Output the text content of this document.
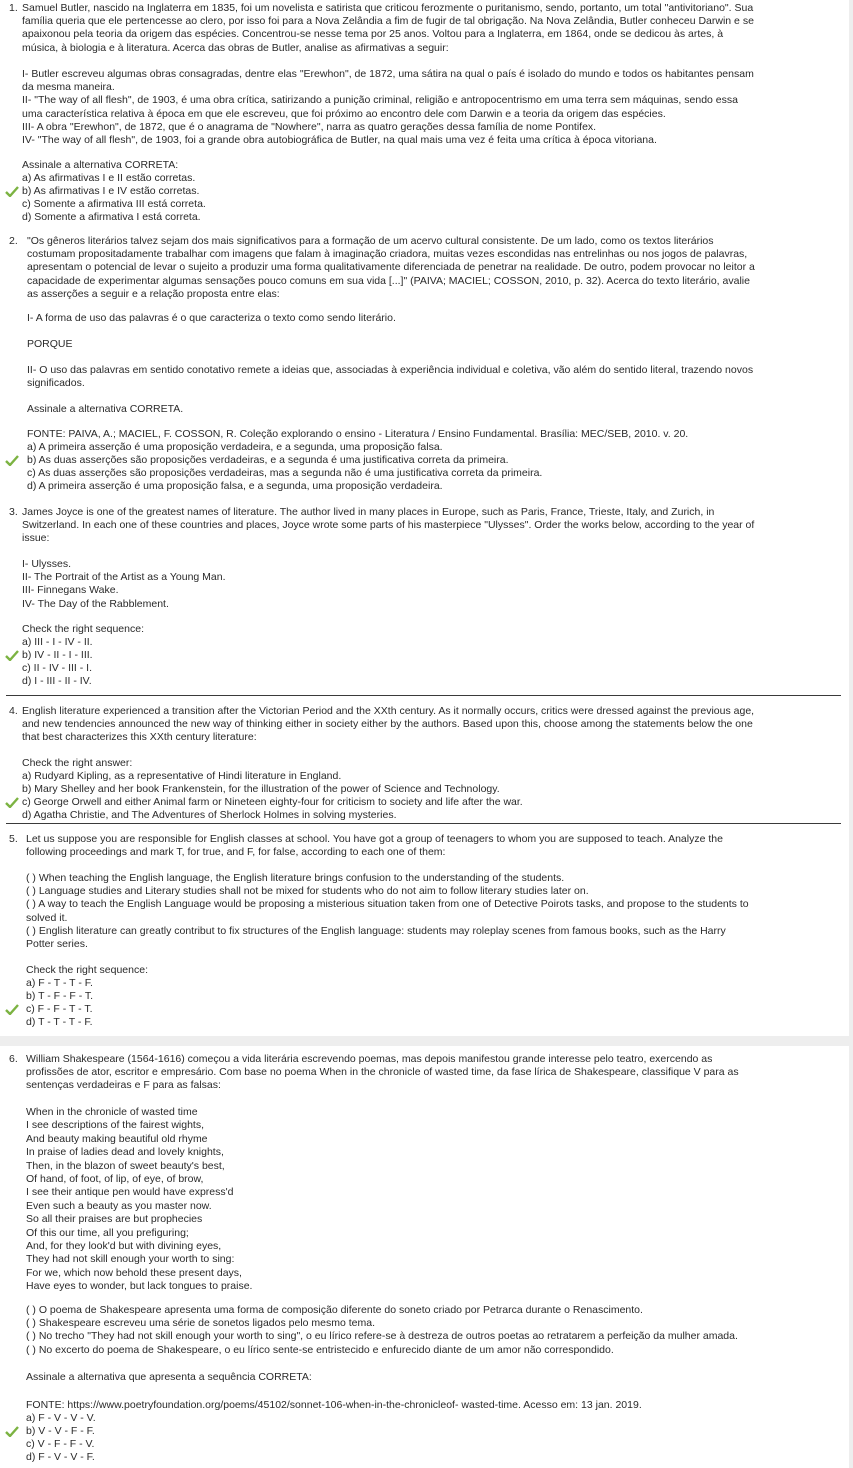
1. Samuel Butler, nascido na Inglaterra em 1835, foi um novelista e satirista que criticou ferozmente o puritanismo, sendo, portanto, um total "antivitoriano". Sua
família queria que ele pertencesse ao clero, por isso foi para a Nova Zelândia a fim de fugir de tal obrigação. Na Nova Zelândia, Butler conheceu Darwin e se
apaixonou pela teoria da origem das espécies. Concentrou-se nesse tema por 25 anos. Voltou para a Inglaterra, em 1864, onde se dedicou às artes, à
música, à biologia e à literatura. Acerca das obras de Butler, analise as afirmativas a seguir:
I- Butler escreveu algumas obras consagradas, dentre elas "Erewhon", de 1872, uma sátira na qual o país é isolado do mundo e todos os habitantes pensam
da mesma maneira.
II- "The way of all flesh", de 1903, é uma obra crítica, satirizando a punição criminal, religião e antropocentrismo em uma terra sem máquinas, sendo essa
uma característica relativa à época em que ele escreveu, que foi próximo ao encontro dele com Darwin e a teoria da origem das espécies.
III- A obra "Erewhon", de 1872, que é o anagrama de "Nowhere", narra as quatro gerações dessa família de nome Pontifex.
IV- "The way of all flesh", de 1903, foi a grande obra autobiográfica de Butler, na qual mais uma vez é feita uma crítica à época vitoriana.
Assinale a alternativa CORRETA:
a) As afirmativas I e II estão corretas.
b) As afirmativas I e IV estão corretas.
c) Somente a afirmativa III está correta.
d) Somente a afirmativa I está correta.
2. "Os gêneros literários talvez sejam dos mais significativos para a formação de um acervo cultural consistente. De um lado, como os textos literários
costumam propositadamente trabalhar com imagens que falam à imaginação criadora, muitas vezes escondidas nas entrelinhas ou nos jogos de palavras,
apresentam o potencial de levar o sujeito a produzir uma forma qualitativamente diferenciada de penetrar na realidade. De outro, podem provocar no leitor a
capacidade de experimentar algumas sensações pouco comuns em sua vida [...]" (PAIVA; MACIEL; COSSON, 2010, p. 32). Acerca do texto literário, avalie
as asserções a seguir e a relação proposta entre elas:
I- A forma de uso das palavras é o que caracteriza o texto como sendo literário.
PORQUE
II- O uso das palavras em sentido conotativo remete a ideias que, associadas à experiência individual e coletiva, vão além do sentido literal, trazendo novos
significados.
Assinale a alternativa CORRETA.
FONTE: PAIVA, A.; MACIEL, F. COSSON, R. Coleção explorando o ensino - Literatura / Ensino Fundamental. Brasília: MEC/SEB, 2010. v. 20.
a) A primeira asserção é uma proposição verdadeira, e a segunda, uma proposição falsa.
b) As duas asserções são proposições verdadeiras, e a segunda é uma justificativa correta da primeira.
c) As duas asserções são proposições verdadeiras, mas a segunda não é uma justificativa correta da primeira.
d) A primeira asserção é uma proposição falsa, e a segunda, uma proposição verdadeira.
3. James Joyce is one of the greatest names of literature. The author lived in many places in Europe, such as Paris, France, Trieste, Italy, and Zurich, in
Switzerland. In each one of these countries and places, Joyce wrote some parts of his masterpiece "Ulysses". Order the works below, according to the year of
issue:
I- Ulysses.
II- The Portrait of the Artist as a Young Man.
III- Finnegans Wake.
IV- The Day of the Rabblement.
Check the right sequence:
a) III - I - IV - II.
b) IV - II - I - III.
c) II - IV - III - I.
d) I - III - II - IV.
4. English literature experienced a transition after the Victorian Period and the XXth century. As it normally occurs, critics were dressed against the previous age,
and new tendencies announced the new way of thinking either in society either by the authors. Based upon this, choose among the statements below the one
that best characterizes this XXth century literature:
Check the right answer:
a) Rudyard Kipling, as a representative of Hindi literature in England.
b) Mary Shelley and her book Frankenstein, for the illustration of the power of Science and Technology.
c) George Orwell and either Animal farm or Nineteen eighty-four for criticism to society and life after the war.
d) Agatha Christie, and The Adventures of Sherlock Holmes in solving mysteries.
5. Let us suppose you are responsible for English classes at school. You have got a group of teenagers to whom you are supposed to teach. Analyze the
following proceedings and mark T, for true, and F, for false, according to each one of them:
( ) When teaching the English language, the English literature brings confusion to the understanding of the students.
( ) Language studies and Literary studies shall not be mixed for students who do not aim to follow literary studies later on.
( ) A way to teach the English Language would be proposing a misterious situation taken from one of Detective Poirots tasks, and propose to the students to
solved it.
( ) English literature can greatly contribut to fix structures of the English language: students may roleplay scenes from famous books, such as the Harry
Potter series.
Check the right sequence:
a) F - T - T - F.
b) T - F - F - T.
c) F - F - T - T.
d) T - T - T - F.
6. William Shakespeare (1564-1616) começou a vida literária escrevendo poemas, mas depois manifestou grande interesse pelo teatro, exercendo as
profissões de ator, escritor e empresário. Com base no poema When in the chronicle of wasted time, da fase lírica de Shakespeare, classifique V para as
sentenças verdadeiras e F para as falsas:
When in the chronicle of wasted time
I see descriptions of the fairest wights,
And beauty making beautiful old rhyme
In praise of ladies dead and lovely knights,
Then, in the blazon of sweet beauty's best,
Of hand, of foot, of lip, of eye, of brow,
I see their antique pen would have express'd
Even such a beauty as you master now.
So all their praises are but prophecies
Of this our time, all you prefiguring;
And, for they look'd but with divining eyes,
They had not skill enough your worth to sing:
For we, which now behold these present days,
Have eyes to wonder, but lack tongues to praise.
( ) O poema de Shakespeare apresenta uma forma de composição diferente do soneto criado por Petrarca durante o Renascimento.
( ) Shakespeare escreveu uma série de sonetos ligados pelo mesmo tema.
( ) No trecho "They had not skill enough your worth to sing", o eu lírico refere-se à destreza de outros poetas ao retratarem a perfeição da mulher amada.
( ) No excerto do poema de Shakespeare, o eu lírico sente-se entristecido e enfurecido diante de um amor não correspondido.
Assinale a alternativa que apresenta a sequência CORRETA:
FONTE: https://www.poetryfoundation.org/poems/45102/sonnet-106-when-in-the-chronicleof- wasted-time. Acesso em: 13 jan. 2019.
a) F - V - V - V.
b) V - V - F - F.
c) V - F - F - V.
d) F - V - V - F.
